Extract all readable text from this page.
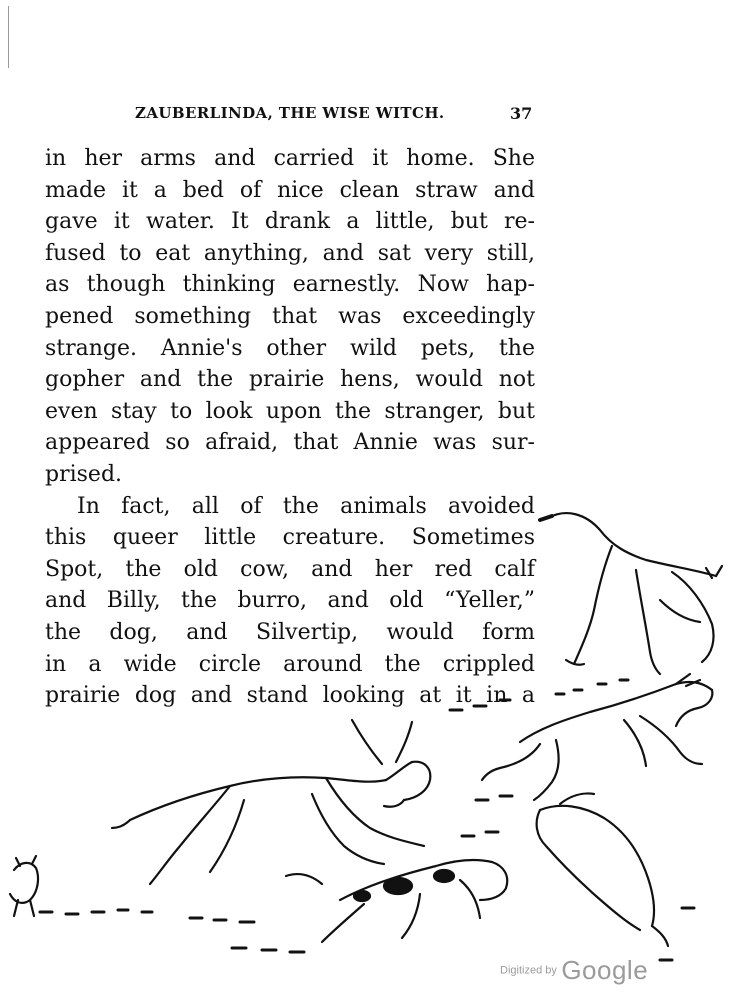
ZAUBERLINDA, THE WISE WITCH.	37
in her arms and carried it home. She
made it a bed of nice clean straw and
gave it water. It drank a little, but re-
fused to eat anything, and sat very still,
as though thinking earnestly. Now hap-
pened something that was exceedingly
strange. Annie's other wild pets, the
gopher and the prairie hens, would not
even stay to look upon the stranger, but
appeared so afraid, that Annie was sur-
prised.
In fact, all of the animals avoided
this queer little creature. Sometimes
Spot, the old cow, and her red calf
and Billy, the burro, and old “Yeller,”
the dog, and Silvertip, would form
in a wide circle around the crippled
prairie dog and stand looking at it in a
Digitized by Google
